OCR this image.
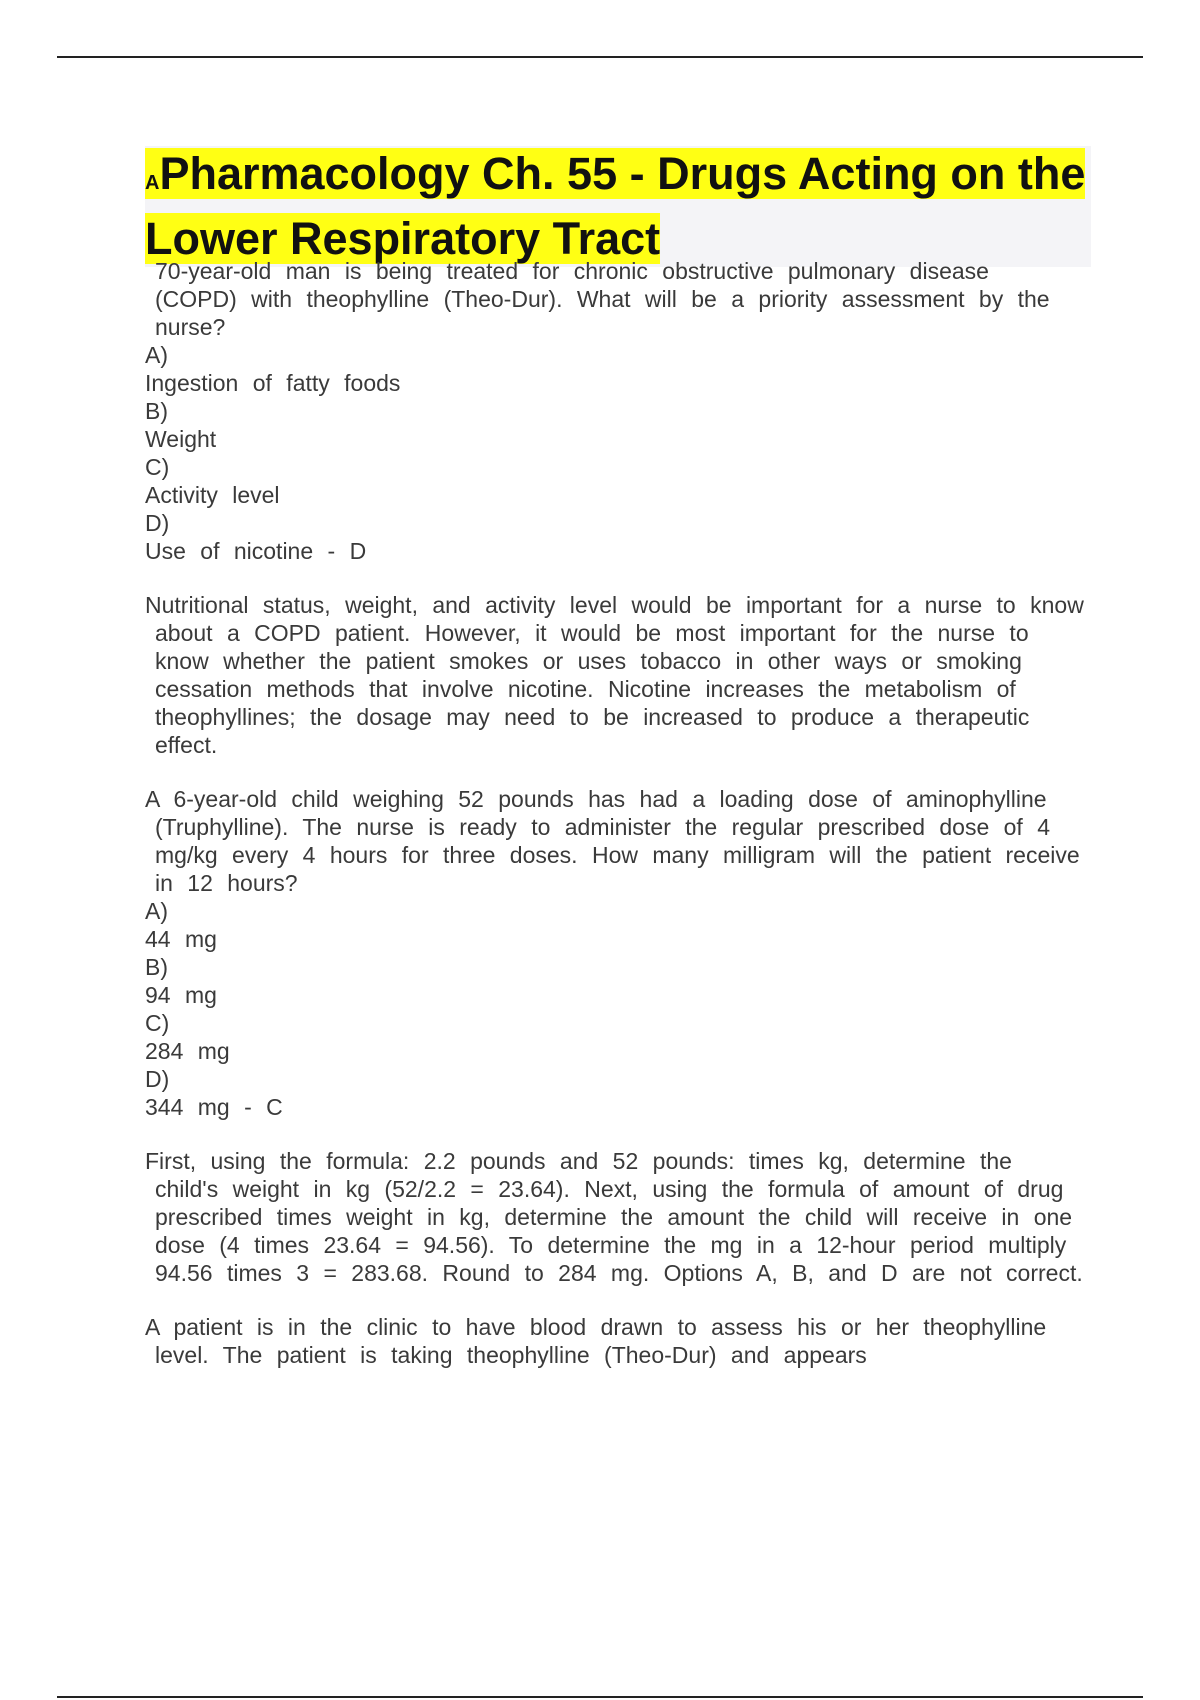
APharmacology Ch. 55 - Drugs Acting on the Lower Respiratory Tract

70-year-old man is being treated for chronic obstructive pulmonary disease (COPD) with theophylline (Theo-Dur). What will be a priority assessment by the nurse?

A)

Ingestion of fatty foods

B)

Weight

C)

Activity level

D)

Use of nicotine - D

Nutritional status, weight, and activity level would be important for a nurse to know about a COPD patient. However, it would be most important for the nurse to know whether the patient smokes or uses tobacco in other ways or smoking cessation methods that involve nicotine. Nicotine increases the metabolism of theophyllines; the dosage may need to be increased to produce a therapeutic effect.

A 6-year-old child weighing 52 pounds has had a loading dose of aminophylline (Truphylline). The nurse is ready to administer the regular prescribed dose of 4 mg/kg every 4 hours for three doses. How many milligram will the patient receive in 12 hours?

A)

44 mg

B)

94 mg

C)

284 mg

D)

344 mg - C

First, using the formula: 2.2 pounds and 52 pounds: times kg, determine the child's weight in kg (52/2.2 = 23.64). Next, using the formula of amount of drug prescribed times weight in kg, determine the amount the child will receive in one dose (4 times 23.64 = 94.56). To determine the mg in a 12-hour period multiply 94.56 times 3 = 283.68. Round to 284 mg. Options A, B, and D are not correct.

A patient is in the clinic to have blood drawn to assess his or her theophylline level. The patient is taking theophylline (Theo-Dur) and appears
